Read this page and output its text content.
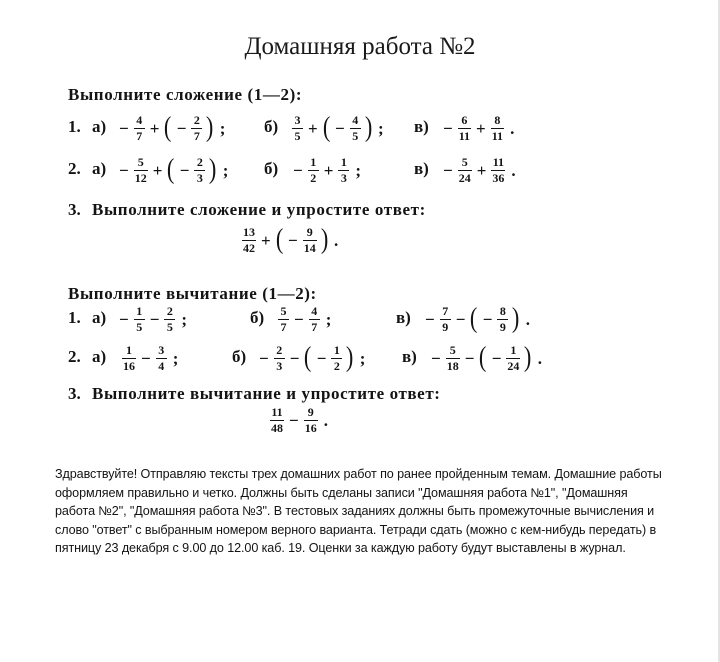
Домашняя работа №2
Выполните сложение (1—2):
1. $а) - \frac{4}{7}$ + ( − $\frac{2}{7}$ ) ; $б) \frac{3}{5}$ + ( − $\frac{4}{5}$ ) ; $в) - \frac{6}{11} + \frac{8}{11}$ .
2. $а) - \frac{5}{12}$ + ( − $\frac{2}{3}$ ) ; $б) - \frac{1}{2} + \frac{1}{3}$ ;	$в) - \frac{5}{24} + \frac{11}{36}$ .
3. Выполните сложение и упростите ответ:
$\frac{13}{42}$ + ( − $\frac{9}{14}$ ) .
Выполните вычитание (1—2):
1. $а) - \frac{1}{5} - \frac{2}{5}$ ;	$б) \frac{5}{7} - \frac{4}{7}$ ;	$в) - \frac{7}{9}$ − ( − $\frac{8}{9}$ ) .
2. $а) \frac{1}{16} - \frac{3}{4}$ ;	$б) - \frac{2}{3}$ − ( − $\frac{1}{2}$ ) ; $в) - \frac{5}{18}$ − ( − $\frac{1}{24}$ ) .
3. Выполните вычитание и упростите ответ:
$\frac{11}{48} - \frac{9}{16}$ .
Здравствуйте! Отправляю тексты трех домашних работ по ранее пройденным темам. Домашние работы оформляем правильно и четко. Должны быть сделаны записи "Домашняя работа №1", "Домашняя работа №2", "Домашняя работа №3". В тестовых заданиях должны быть промежуточные вычисления и слово "ответ" с выбранным номером верного варианта. Тетради сдать (можно с кем-нибудь передать) в пятницу 23 декабря с 9.00 до 12.00 каб. 19. Оценки за каждую работу будут выставлены в журнал.
